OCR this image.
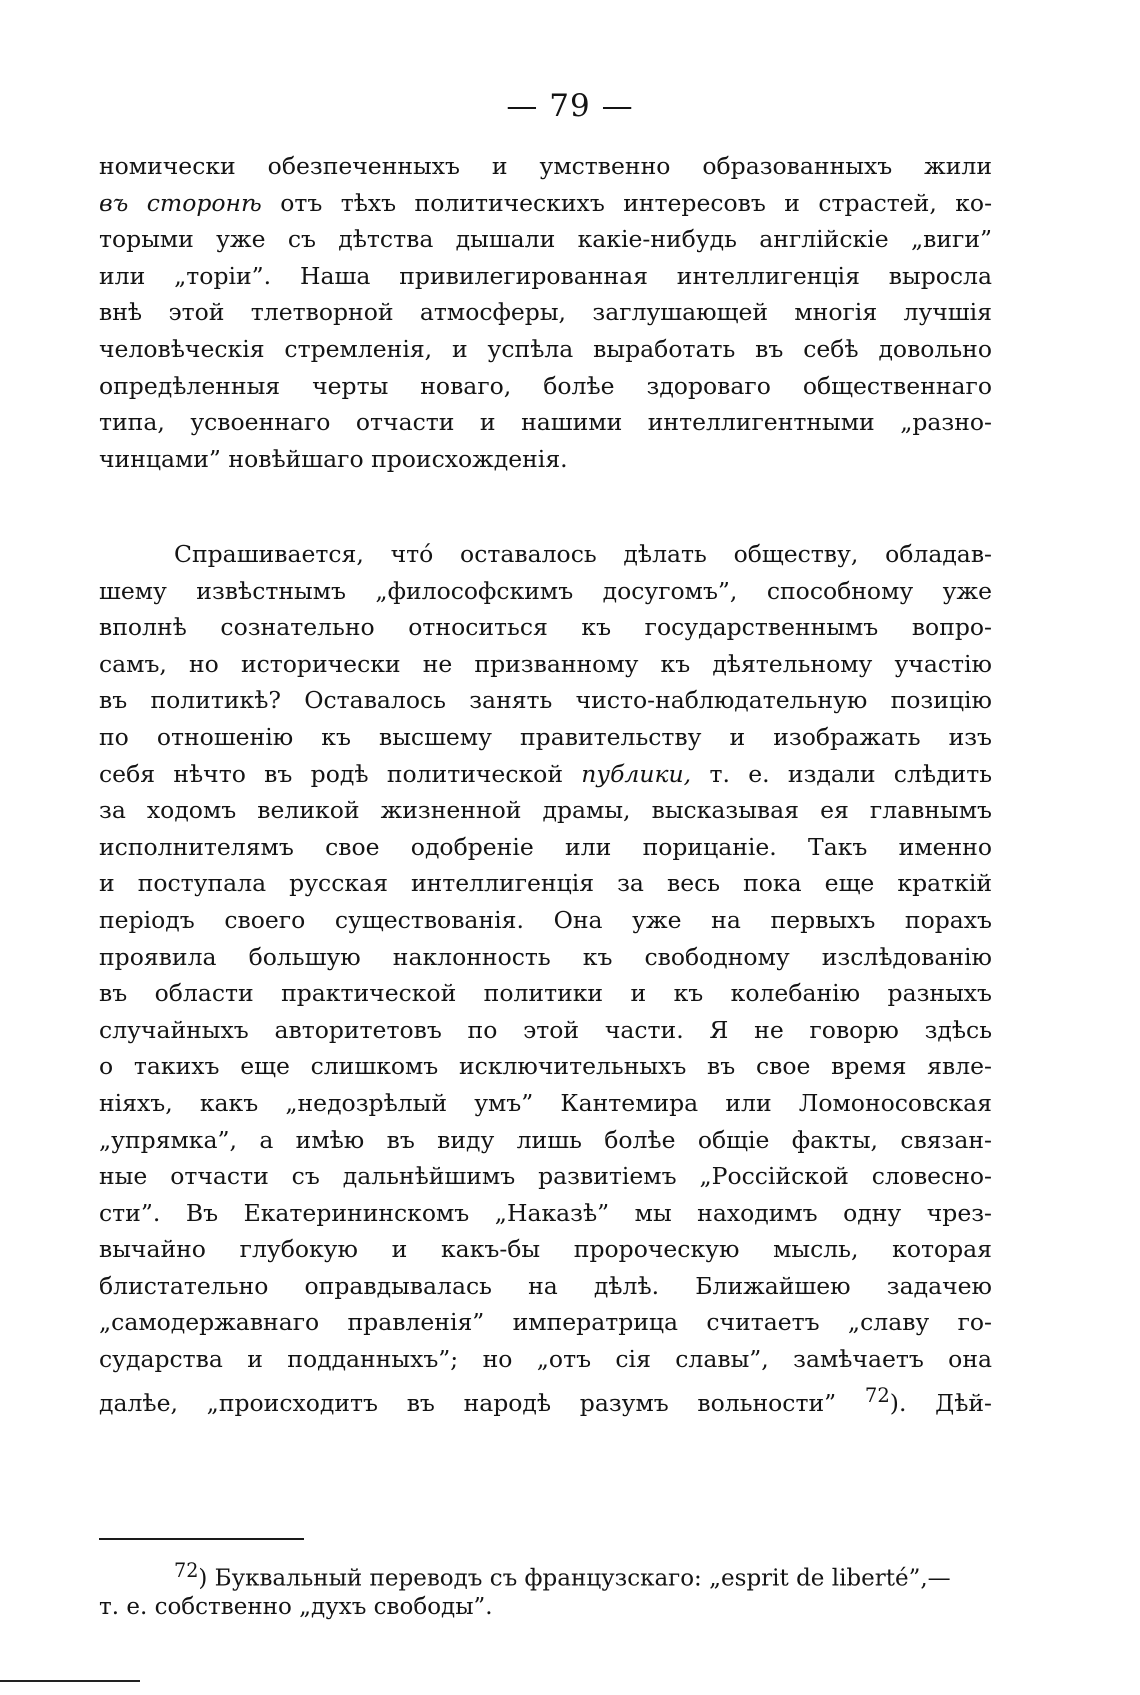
— 79 —
номически обезпеченныхъ и умственно образованныхъ жили
въ сторонѣ отъ тѣхъ политическихъ интересовъ и страстей, ко-
торыми уже съ дѣтства дышали какіе-нибудь англійскіе „виги”
или „торіи”. Наша привилегированная интеллигенція выросла
внѣ этой тлетворной атмосферы, заглушающей многія лучшія
человѣческія стремленія, и успѣла выработать въ себѣ довольно
опредѣленныя черты новаго, болѣе здороваго общественнаго
типа, усвоеннаго отчасти и нашими интеллигентными „разно-
чинцами” новѣйшаго происхожденія.
Спрашивается, что́ оставалось дѣлать обществу, обладав-
шему извѣстнымъ „философскимъ досугомъ”, способному уже
вполнѣ сознательно относиться къ государственнымъ вопро-
самъ, но исторически не призванному къ дѣятельному участію
въ политикѣ? Оставалось занять чисто-наблюдательную позицію
по отношенію къ высшему правительству и изображать изъ
себя нѣчто въ родѣ политической публики, т. е. издали слѣдить
за ходомъ великой жизненной драмы, высказывая ея главнымъ
исполнителямъ свое одобреніе или порицаніе. Такъ именно
и поступала русская интеллигенція за весь пока еще краткій
періодъ своего существованія. Она уже на первыхъ порахъ
проявила большую наклонность къ свободному изслѣдованію
въ области практической политики и къ колебанію разныхъ
случайныхъ авторитетовъ по этой части. Я не говорю здѣсь
о такихъ еще слишкомъ исключительныхъ въ свое время явле-
ніяхъ, какъ „недозрѣлый умъ” Кантемира или Ломоносовская
„упрямка”, а имѣю въ виду лишь болѣе общіе факты, связан-
ные отчасти съ дальнѣйшимъ развитіемъ „Россійской словесно-
сти”. Въ Екатерининскомъ „Наказѣ” мы находимъ одну чрез-
вычайно глубокую и какъ-бы пророческую мысль, которая
блистательно оправдывалась на дѣлѣ. Ближайшею задачею
„самодержавнаго правленія” императрица считаетъ „славу го-
сударства и подданныхъ”; но „отъ сія славы”, замѣчаетъ она
далѣе, „происходитъ въ народѣ разумъ вольности” $^{72}$). Дѣй-
$^{72}$) Буквальный переводъ съ французскаго: „esprit de liberté”,—
т. е. собственно „духъ свободы”.
